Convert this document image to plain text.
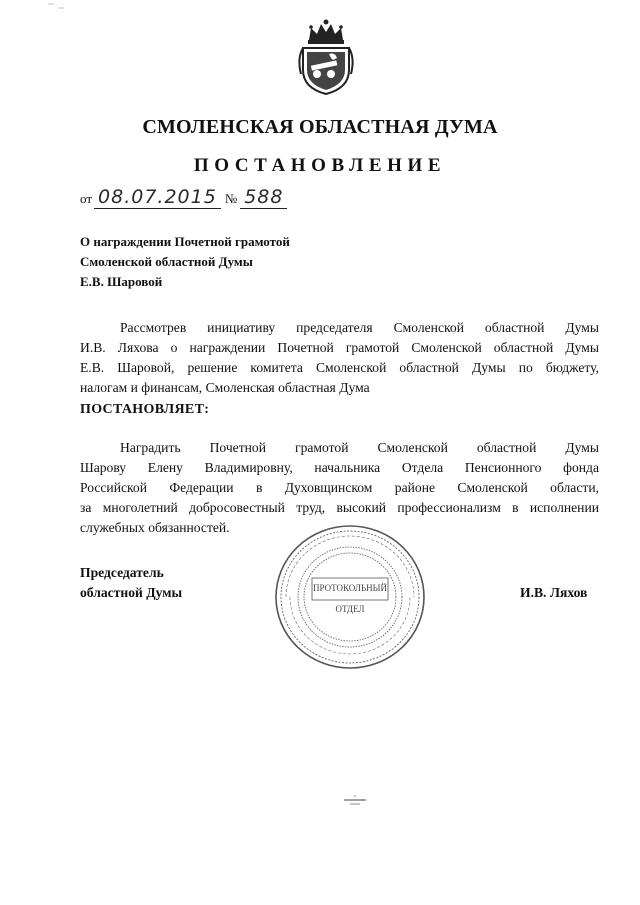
СМОЛЕНСКАЯ ОБЛАСТНАЯ ДУМА
ПОСТАНОВЛЕНИЕ
от 08.07.2015 № 588
О награждении Почетной грамотой
Смоленской областной Думы
Е.В. Шаровой
Рассмотрев инициативу председателя Смоленской областной Думы
И.В. Ляхова о награждении Почетной грамотой Смоленской областной Думы
Е.В. Шаровой, решение комитета Смоленской областной Думы по бюджету,
налогам и финансам, Смоленская областная Дума
ПОСТАНОВЛЯЕТ:
Наградить Почетной грамотой Смоленской областной Думы
Шарову Елену Владимировну, начальника Отдела Пенсионного фонда
Российской Федерации в Духовщинском районе Смоленской области,
за многолетний добросовестный труд, высокий профессионализм в исполнении
служебных обязанностей.
Председатель
областной Думы	И.В. Ляхов
ПРОТОКОЛЬНЫЙ
ОТДЕЛ
